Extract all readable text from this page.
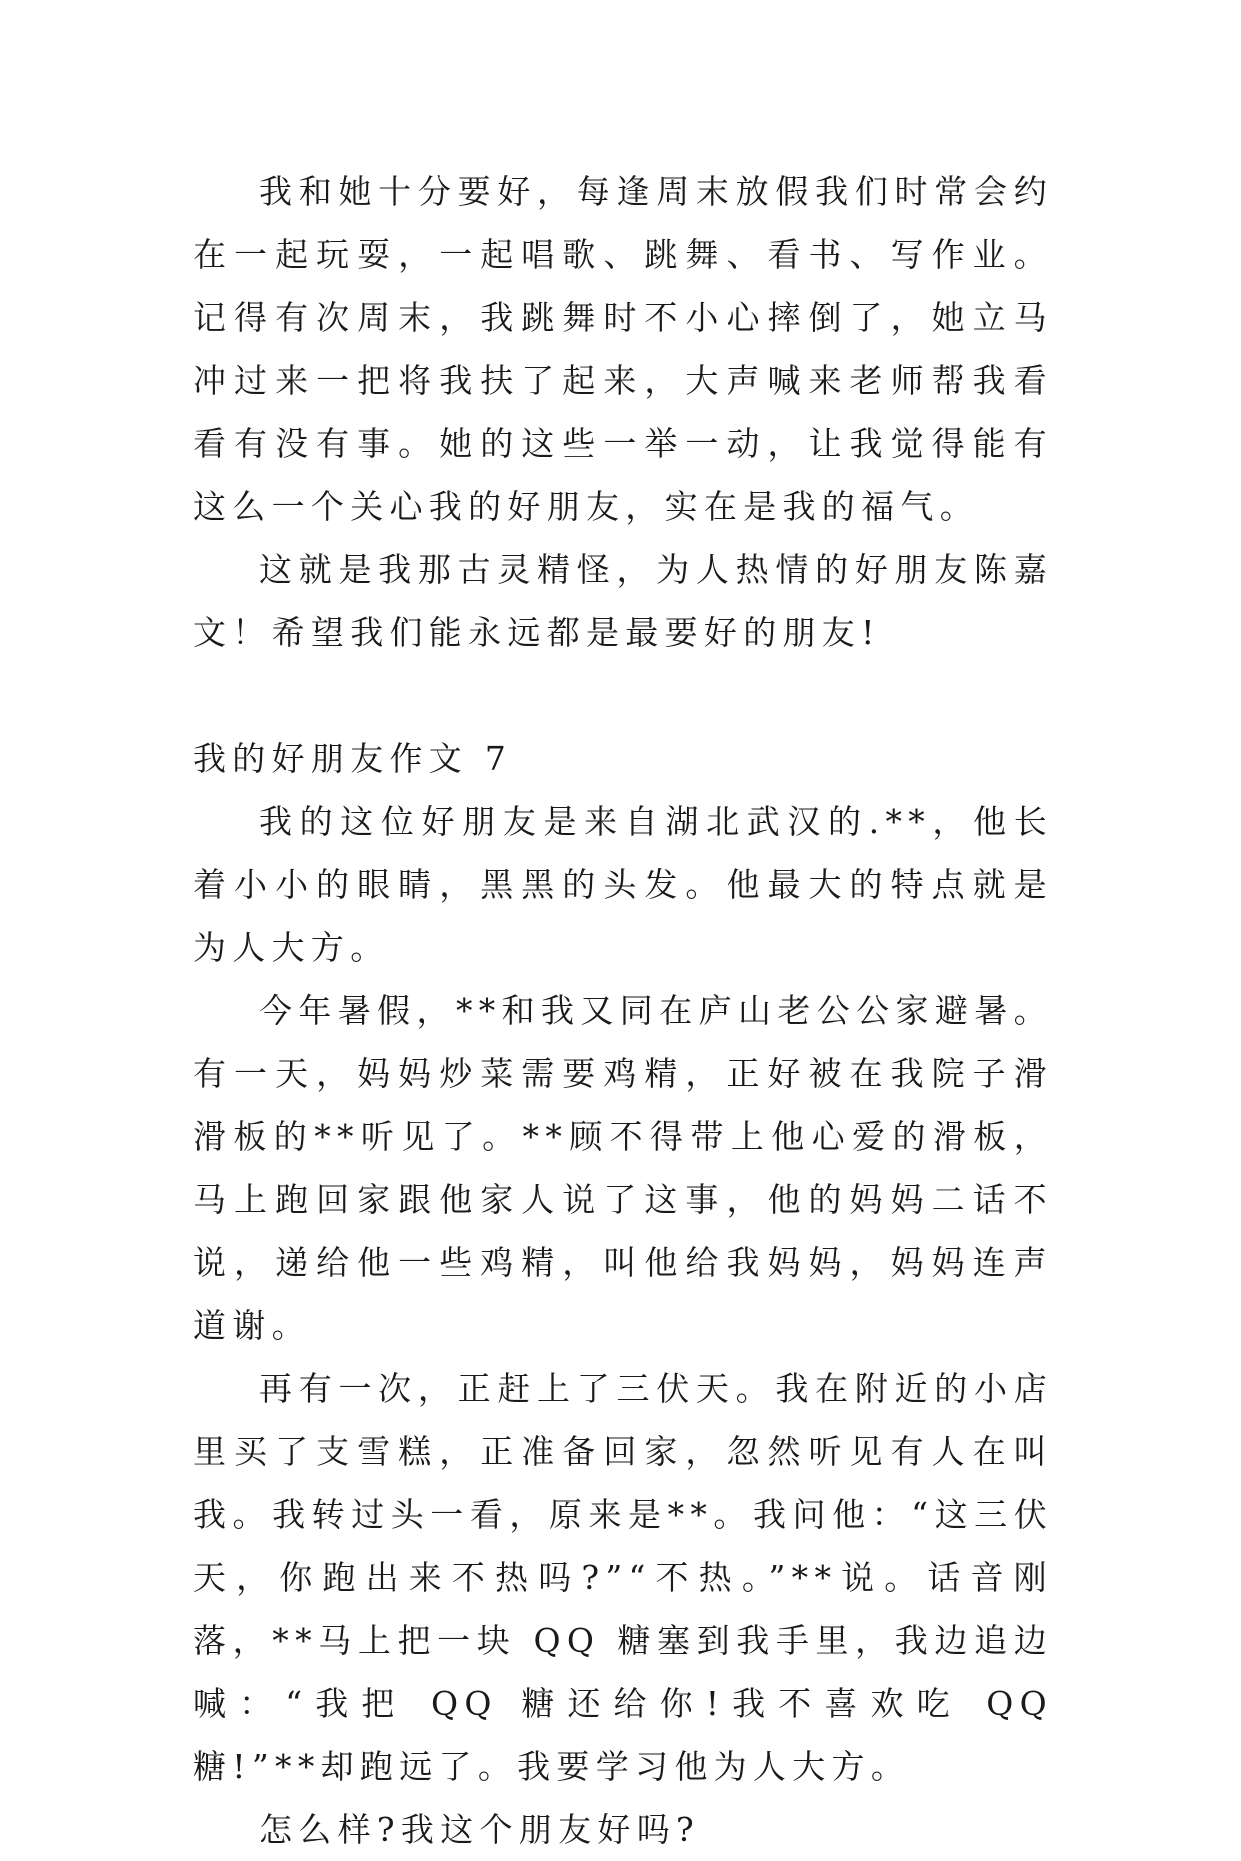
我和她十分要好，每逢周末放假我们时常会约在一起玩耍，一起唱歌、跳舞、看书、写作业。记得有次周末，我跳舞时不小心摔倒了，她立马冲过来一把将我扶了起来，大声喊来老师帮我看看有没有事。她的这些一举一动，让我觉得能有这么一个关心我的好朋友，实在是我的福气。

这就是我那古灵精怪，为人热情的好朋友陈嘉文！希望我们能永远都是最要好的朋友!

我的好朋友作文 7

我的这位好朋友是来自湖北武汉的.**，他长着小小的眼睛，黑黑的头发。他最大的特点就是为人大方。

今年暑假，**和我又同在庐山老公公家避暑。有一天，妈妈炒菜需要鸡精，正好被在我院子滑滑板的**听见了。**顾不得带上他心爱的滑板，马上跑回家跟他家人说了这事，他的妈妈二话不说，递给他一些鸡精，叫他给我妈妈，妈妈连声道谢。

再有一次，正赶上了三伏天。我在附近的小店里买了支雪糕，正准备回家，忽然听见有人在叫我。我转过头一看，原来是**。我问他：“这三伏天，你跑出来不热吗?”“不热。”**说。话音刚落，**马上把一块 QQ 糖塞到我手里，我边追边喊：“我把 QQ 糖还给你!我不喜欢吃 QQ 糖!”**却跑远了。我要学习他为人大方。

怎么样?我这个朋友好吗?
